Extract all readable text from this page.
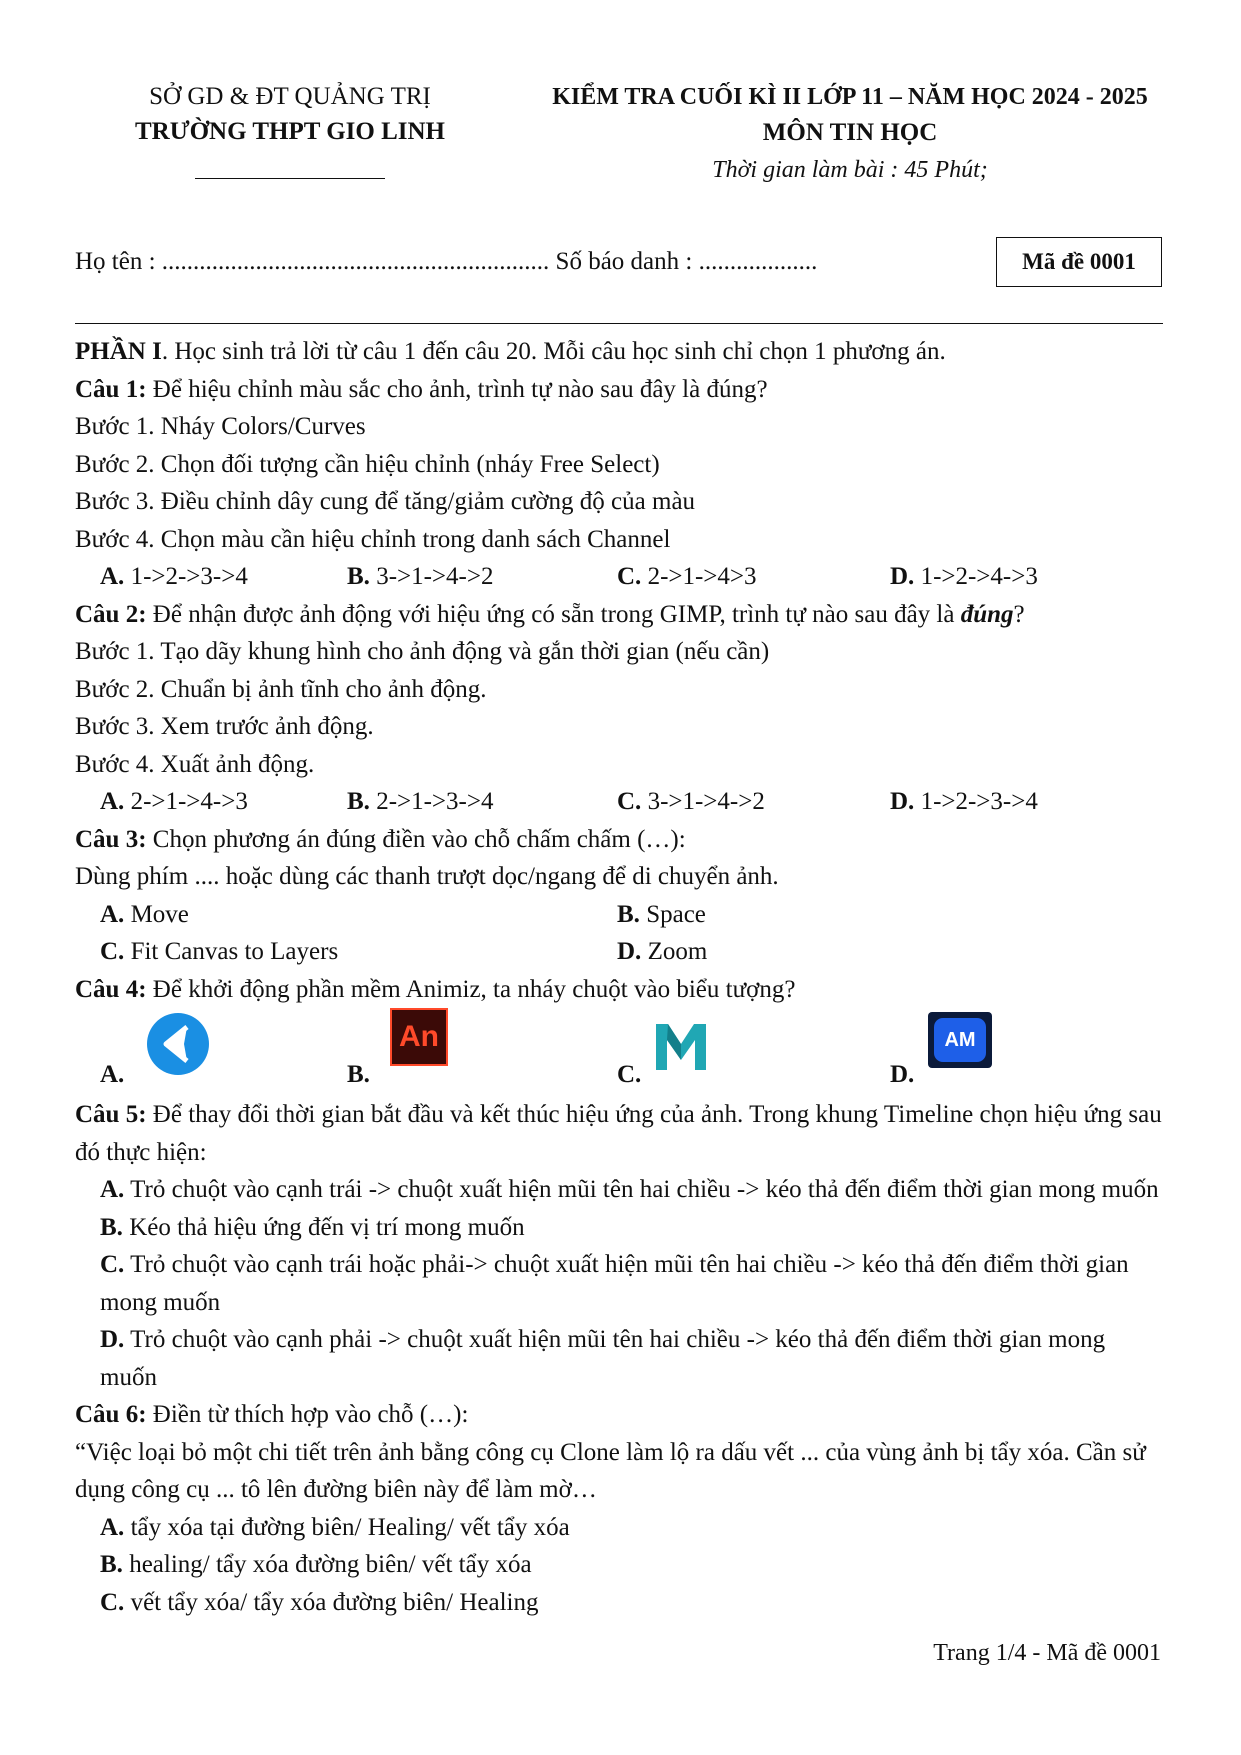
SỞ GD & ĐT QUẢNG TRỊ
TRƯỜNG THPT GIO LINH
KIỂM TRA CUỐI KÌ II LỚP 11 – NĂM HỌC 2024 - 2025
MÔN TIN HỌC
Thời gian làm bài : 45 Phút;
Họ tên : .............................................................. Số báo danh : ...................	Mã đề 0001
PHẦN I. Học sinh trả lời từ câu 1 đến câu 20. Mỗi câu học sinh chỉ chọn 1 phương án.
Câu 1: Để hiệu chỉnh màu sắc cho ảnh, trình tự nào sau đây là đúng?
Bước 1. Nháy Colors/Curves
Bước 2. Chọn đối tượng cần hiệu chỉnh (nháy Free Select)
Bước 3. Điều chỉnh dây cung để tăng/giảm cường độ của màu
Bước 4. Chọn màu cần hiệu chỉnh trong danh sách Channel
A. 1->2->3->4	B. 3->1->4->2	C. 2->1->4>3	D. 1->2->4->3
Câu 2: Để nhận được ảnh động với hiệu ứng có sẵn trong GIMP, trình tự nào sau đây là đúng?
Bước 1. Tạo dãy khung hình cho ảnh động và gắn thời gian (nếu cần)
Bước 2. Chuẩn bị ảnh tĩnh cho ảnh động.
Bước 3. Xem trước ảnh động.
Bước 4. Xuất ảnh động.
A. 2->1->4->3	B. 2->1->3->4	C. 3->1->4->2	D. 1->2->3->4
Câu 3: Chọn phương án đúng điền vào chỗ chấm chấm (…):
Dùng phím .... hoặc dùng các thanh trượt dọc/ngang để di chuyển ảnh.
A. Move	B. Space
C. Fit Canvas to Layers	D. Zoom
Câu 4: Để khởi động phần mềm Animiz, ta nháy chuột vào biểu tượng?
A.	B.
An
C.	D.
AM
Câu 5: Để thay đổi thời gian bắt đầu và kết thúc hiệu ứng của ảnh. Trong khung Timeline chọn hiệu ứng sau đó thực hiện:
A. Trỏ chuột vào cạnh trái -> chuột xuất hiện mũi tên hai chiều -> kéo thả đến điểm thời gian mong muốn
B. Kéo thả hiệu ứng đến vị trí mong muốn
C. Trỏ chuột vào cạnh trái hoặc phải-> chuột xuất hiện mũi tên hai chiều -> kéo thả đến điểm thời gian mong muốn
D. Trỏ chuột vào cạnh phải -> chuột xuất hiện mũi tên hai chiều -> kéo thả đến điểm thời gian mong muốn
Câu 6: Điền từ thích hợp vào chỗ (…):
“Việc loại bỏ một chi tiết trên ảnh bằng công cụ Clone làm lộ ra dấu vết ... của vùng ảnh bị tẩy xóa. Cần sử dụng công cụ ... tô lên đường biên này để làm mờ…
A. tẩy xóa tại đường biên/ Healing/ vết tẩy xóa
B. healing/ tẩy xóa đường biên/ vết tẩy xóa
C. vết tẩy xóa/ tẩy xóa đường biên/ Healing
Trang 1/4 - Mã đề 0001
